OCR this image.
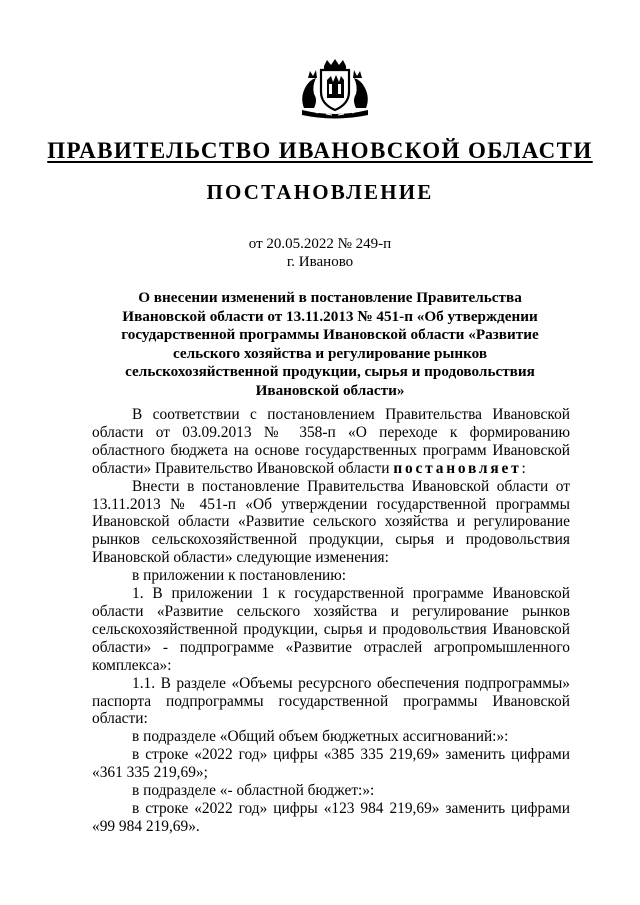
ПРАВИТЕЛЬСТВО ИВАНОВСКОЙ ОБЛАСТИ
ПОСТАНОВЛЕНИЕ
от 20.05.2022 № 249-п
г. Иваново
О внесении изменений в постановление Правительства Ивановской области от 13.11.2013 № 451-п «Об утверждении государственной программы Ивановской области «Развитие сельского хозяйства и регулирование рынков сельскохозяйственной продукции, сырья и продовольствия Ивановской области»

В соответствии с постановлением Правительства Ивановской области от 03.09.2013 № 358-п «О переходе к формированию областного бюджета на основе государственных программ Ивановской области» Правительство Ивановской области постановляет:

Внести в постановление Правительства Ивановской области от 13.11.2013 № 451-п «Об утверждении государственной программы Ивановской области «Развитие сельского хозяйства и регулирование рынков сельскохозяйственной продукции, сырья и продовольствия Ивановской области» следующие изменения:

в приложении к постановлению:

1. В приложении 1 к государственной программе Ивановской области «Развитие сельского хозяйства и регулирование рынков сельскохозяйственной продукции, сырья и продовольствия Ивановской области» - подпрограмме «Развитие отраслей агропромышленного комплекса»:

1.1. В разделе «Объемы ресурсного обеспечения подпрограммы» паспорта подпрограммы государственной программы Ивановской области:

в подразделе «Общий объем бюджетных ассигнований:»:

в строке «2022 год» цифры «385 335 219,69» заменить цифрами «361 335 219,69»;

в подразделе «- областной бюджет:»:

в строке «2022 год» цифры «123 984 219,69» заменить цифрами «99 984 219,69».
